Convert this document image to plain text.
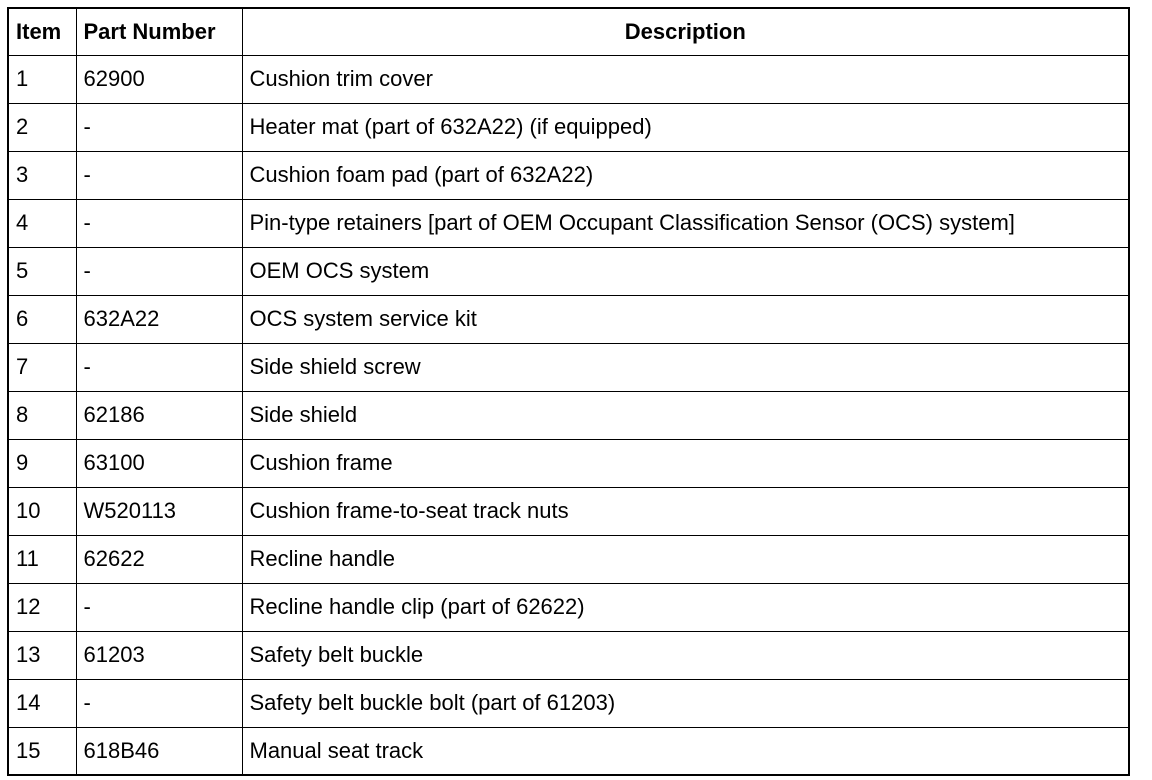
Item	Part Number	Description
1	62900	Cushion trim cover
2	-	Heater mat (part of 632A22) (if equipped)
3	-	Cushion foam pad (part of 632A22)
4	-	Pin-type retainers [part of OEM Occupant Classification Sensor (OCS) system]
5	-	OEM OCS system
6	632A22	OCS system service kit
7	-	Side shield screw
8	62186	Side shield
9	63100	Cushion frame
10	W520113	Cushion frame-to-seat track nuts
11	62622	Recline handle
12	-	Recline handle clip (part of 62622)
13	61203	Safety belt buckle
14	-	Safety belt buckle bolt (part of 61203)
15	618B46	Manual seat track
